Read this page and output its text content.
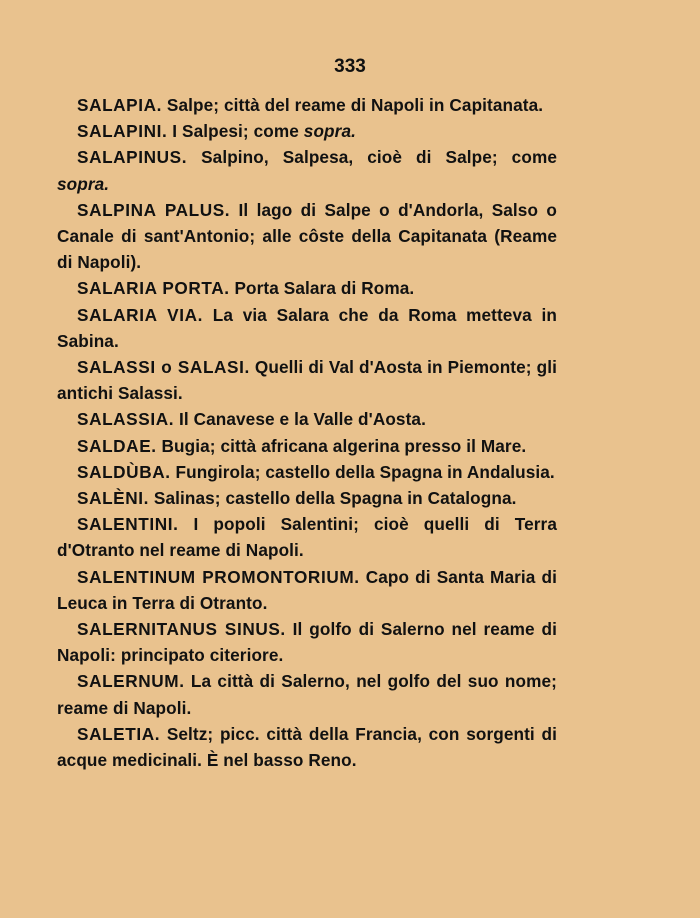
333

SALAPIA. Salpe; città del reame di Napoli in Capitanata.

SALAPINI. I Salpesi; come sopra.

SALAPINUS. Salpino, Salpesa, cioè di Salpe; come sopra.

SALPINA PALUS. Il lago di Salpe o d'Andorla, Salso o Canale di sant'Antonio; alle côste della Capitanata (Reame di Napoli).

SALARIA PORTA. Porta Salara di Roma.

SALARIA VIA. La via Salara che da Roma metteva in Sabina.

SALASSI o SALASI. Quelli di Val d'Aosta in Piemonte; gli antichi Salassi.

SALASSIA. Il Canavese e la Valle d'Aosta.

SALDAE. Bugia; città africana algerina presso il Mare.

SALDÙBA. Fungirola; castello della Spagna in Andalusia.

SALÈNI. Salinas; castello della Spagna in Catalogna.

SALENTINI. I popoli Salentini; cioè quelli di Terra d'Otranto nel reame di Napoli.

SALENTINUM PROMONTORIUM. Capo di Santa Maria di Leuca in Terra di Otranto.

SALERNITANUS SINUS. Il golfo di Salerno nel reame di Napoli: principato citeriore.

SALERNUM. La città di Salerno, nel golfo del suo nome; reame di Napoli.

SALETIA. Seltz; picc. città della Francia, con sorgenti di acque medicinali. È nel basso Reno.
